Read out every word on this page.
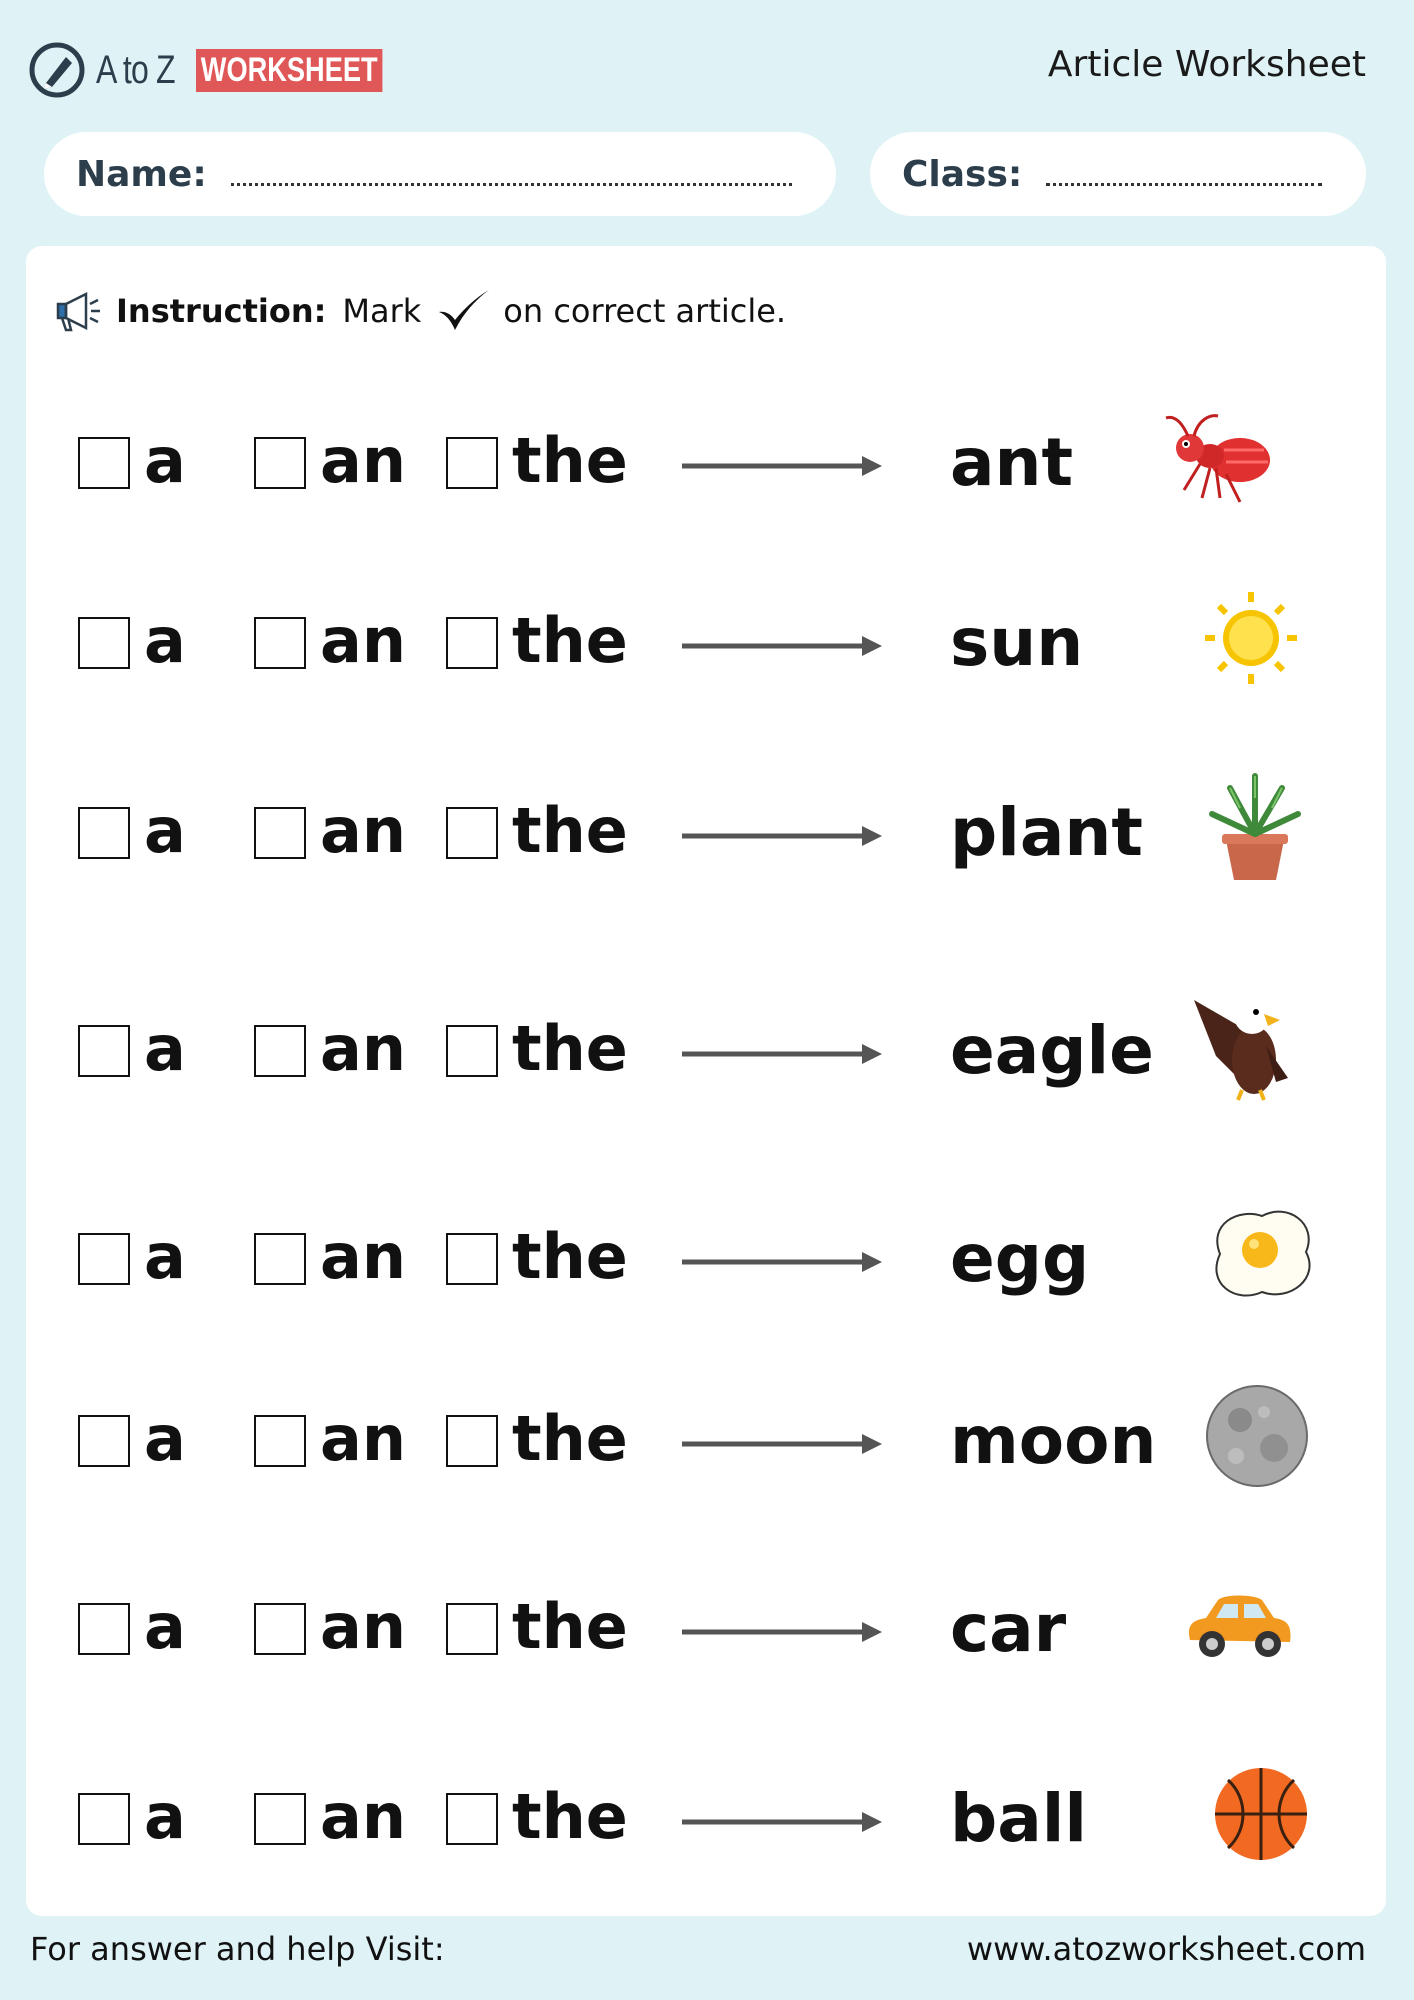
A to Z WORKSHEET	Article Worksheet
Name:	Class:
Instruction: Mark	on correct article.
a an the	ant
a an the	sun
a an the	plant
a an the	eagle
a an the	egg
a an the	moon
a an the	car
a an the	ball
For answer and help Visit:	www.atozworksheet.com
